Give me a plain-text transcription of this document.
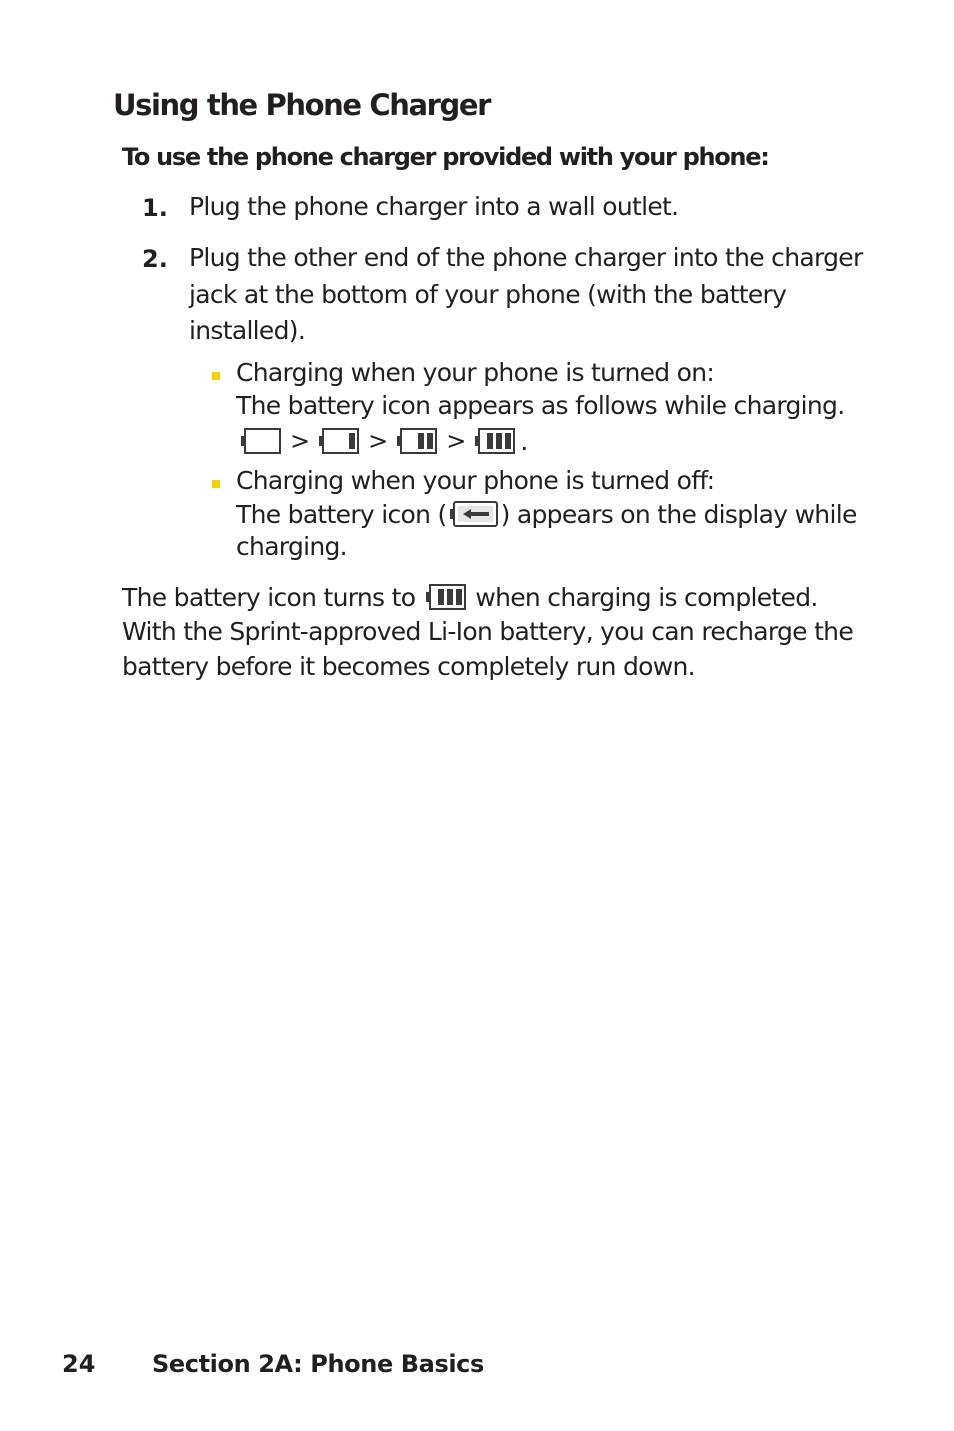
Using the Phone Charger
To use the phone charger provided with your phone:
1. Plug the phone charger into a wall outlet.
2. Plug the other end of the phone charger into the charger
jack at the bottom of your phone (with the battery
installed).
Charging when your phone is turned on:
The battery icon appears as follows while charging.
> > > .
Charging when your phone is turned off:
The battery icon ( ) appears on the display while
charging.
The battery icon turns to when charging is completed.
With the Sprint-approved Li-Ion battery, you can recharge the
battery before it becomes completely run down.
24 Section 2A: Phone Basics
